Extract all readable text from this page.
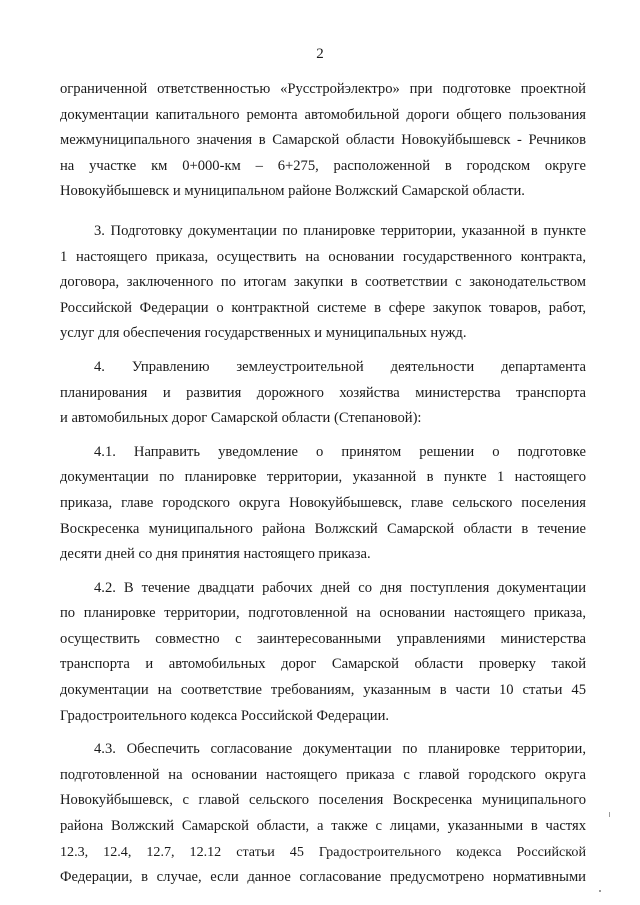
2

ограниченной ответственностью «Русстройэлектро» при подготовке проектной
документации капитального ремонта автомобильной дороги общего пользования
межмуниципального значения в Самарской области Новокуйбышевск - Речников
на участке км 0+000-км – 6+275, расположенной в городском округе
Новокуйбышевск и муниципальном районе Волжский Самарской области.

3. Подготовку документации по планировке территории, указанной в пункте
1 настоящего приказа, осуществить на основании государственного контракта,
договора, заключенного по итогам закупки в соответствии с законодательством
Российской Федерации о контрактной системе в сфере закупок товаров, работ,
услуг для обеспечения государственных и муниципальных нужд.

4. Управлению землеустроительной деятельности департамента
планирования и развития дорожного хозяйства министерства транспорта
и автомобильных дорог Самарской области (Степановой):

4.1. Направить уведомление о принятом решении о подготовке
документации по планировке территории, указанной в пункте 1 настоящего
приказа, главе городского округа Новокуйбышевск, главе сельского поселения
Воскресенка муниципального района Волжский Самарской области в течение
десяти дней со дня принятия настоящего приказа.

4.2. В течение двадцати рабочих дней со дня поступления документации
по планировке территории, подготовленной на основании настоящего приказа,
осуществить совместно с заинтересованными управлениями министерства
транспорта и автомобильных дорог Самарской области проверку такой
документации на соответствие требованиям, указанным в части 10 статьи 45
Градостроительного кодекса Российской Федерации.

4.3. Обеспечить согласование документации по планировке территории,
подготовленной на основании настоящего приказа с главой городского округа
Новокуйбышевск, с главой сельского поселения Воскресенка муниципального
района Волжский Самарской области, а также с лицами, указанными в частях
12.3, 12.4, 12.7, 12.12 статьи 45 Градостроительного кодекса Российской
Федерации, в случае, если данное согласование предусмотрено нормативными
